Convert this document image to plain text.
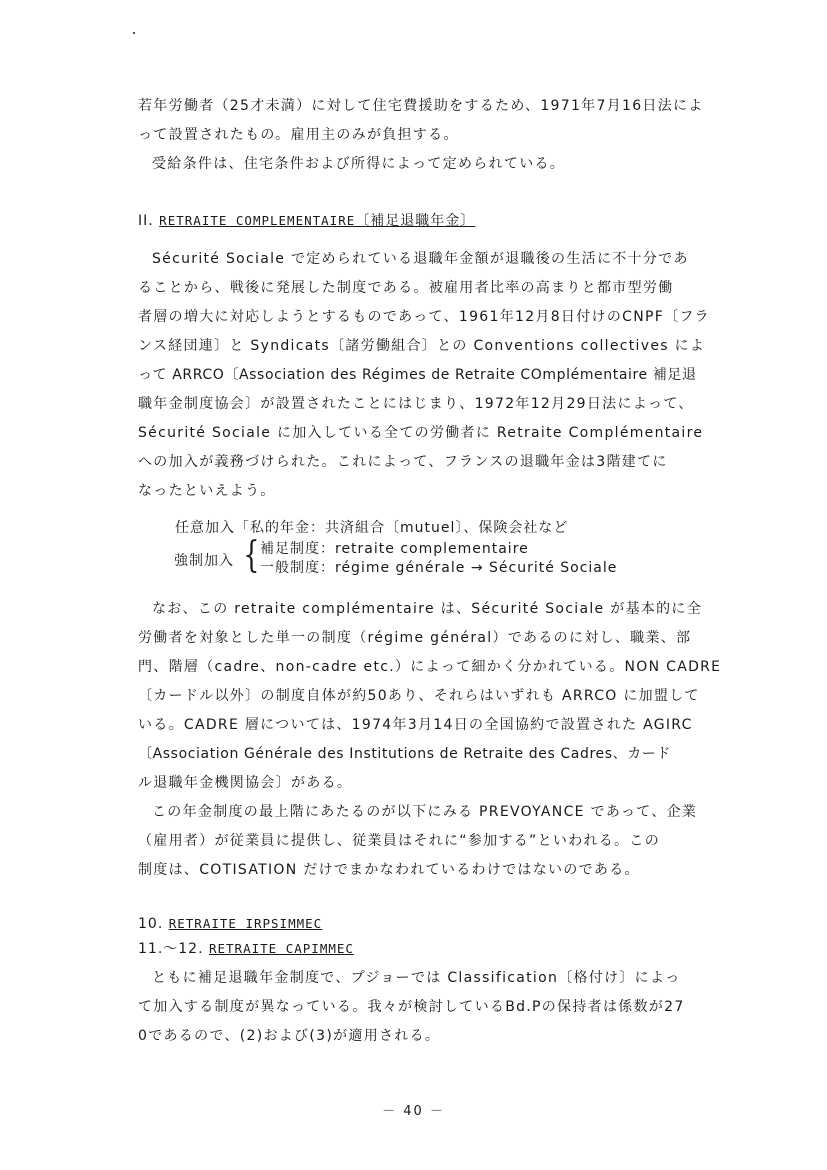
若年労働者（25才未満）に対して住宅費援助をするため、1971年7月16日法によ
って設置されたもの。雇用主のみが負担する。
受給条件は、住宅条件および所得によって定められている。
II. RETRAITE COMPLEMENTAIRE〔補足退職年金〕
Sécurité Sociale で定められている退職年金額が退職後の生活に不十分であ
ることから、戦後に発展した制度である。被雇用者比率の高まりと都市型労働
者層の増大に対応しようとするものであって、1961年12月8日付けのCNPF〔フラ
ンス経団連〕と Syndicats〔諸労働組合〕との Conventions collectives によ
って ARRCO〔Association des Régimes de Retraite COmplémentaire 補足退
職年金制度協会〕が設置されたことにはじまり、1972年12月29日法によって、
Sécurité Sociale に加入している全ての労働者に Retraite Complémentaire
への加入が義務づけられた。これによって、フランスの退職年金は3階建てに
なったといえよう。
任意加入「私的年金：共済組合〔mutuel〕、保険会社など
強制加入 { 補足制度：retraite complementaire
一般制度：régime générale → Sécurité Sociale
なお、この retraite complémentaire は、Sécurité Sociale が基本的に全
労働者を対象とした単一の制度（régime général）であるのに対し、職業、部
門、階層（cadre、non-cadre etc.）によって細かく分かれている。NON CADRE
〔カードル以外〕の制度自体が約50あり、それらはいずれも ARRCO に加盟して
いる。CADRE 層については、1974年3月14日の全国協約で設置された AGIRC
〔Association Générale des Institutions de Retraite des Cadres、カード
ル退職年金機関協会〕がある。
この年金制度の最上階にあたるのが以下にみる PREVOYANCE であって、企業
（雇用者）が従業員に提供し、従業員はそれに“参加する”といわれる。この
制度は、COTISATION だけでまかなわれているわけではないのである。
10. RETRAITE IRPSIMMEC
11.～12. RETRAITE CAPIMMEC
ともに補足退職年金制度で、プジョーでは Classification〔格付け〕によっ
て加入する制度が異なっている。我々が検討しているBd.Pの保持者は係数が27
0であるので、(2)および(3)が適用される。
－ 40 －
